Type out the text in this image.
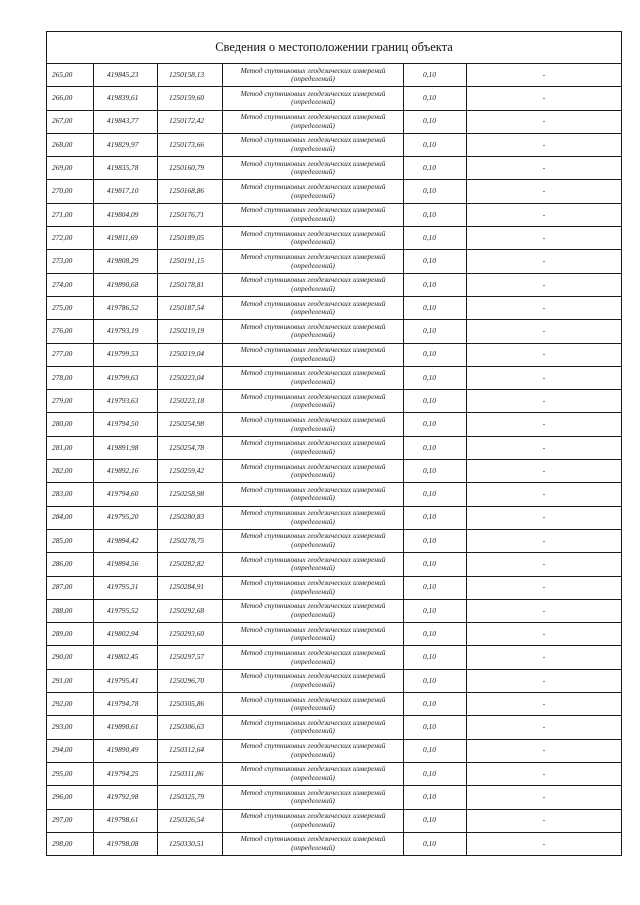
Сведения о местоположении границ объекта					
265,00	419845,23	1250158,13	Метод спутниковых геодезических измерений
(определений)	0,10	-
266,00	419839,61	1250159,60	Метод спутниковых геодезических измерений
(определений)	0,10	-
267,00	419843,77	1250172,42	Метод спутниковых геодезических измерений
(определений)	0,10	-
268,00	419829,97	1250173,66	Метод спутниковых геодезических измерений
(определений)	0,10	-
269,00	419835,78	1250160,79	Метод спутниковых геодезических измерений
(определений)	0,10	-
270,00	419817,10	1250168,86	Метод спутниковых геодезических измерений
(определений)	0,10	-
271,00	419804,09	1250176,71	Метод спутниковых геодезических измерений
(определений)	0,10	-
272,00	419811,69	1250189,05	Метод спутниковых геодезических измерений
(определений)	0,10	-
273,00	419808,29	1250191,15	Метод спутниковых геодезических измерений
(определений)	0,10	-
274,00	419890,68	1250178,81	Метод спутниковых геодезических измерений
(определений)	0,10	-
275,00	419786,52	1250187,54	Метод спутниковых геодезических измерений
(определений)	0,10	-
276,00	419793,19	1250219,19	Метод спутниковых геодезических измерений
(определений)	0,10	-
277,00	419799,53	1250219,04	Метод спутниковых геодезических измерений
(определений)	0,10	-
278,00	419799,63	1250223,04	Метод спутниковых геодезических измерений
(определений)	0,10	-
279,00	419793,63	1250223,18	Метод спутниковых геодезических измерений
(определений)	0,10	-
280,00	419794,50	1250254,98	Метод спутниковых геодезических измерений
(определений)	0,10	-
281,00	419891,98	1250254,78	Метод спутниковых геодезических измерений
(определений)	0,10	-
282,00	419892,16	1250259,42	Метод спутниковых геодезических измерений
(определений)	0,10	-
283,00	419794,60	1250258,98	Метод спутниковых геодезических измерений
(определений)	0,10	-
284,00	419795,20	1250280,83	Метод спутниковых геодезических измерений
(определений)	0,10	-
285,00	419894,42	1250278,75	Метод спутниковых геодезических измерений
(определений)	0,10	-
286,00	419894,56	1250282,82	Метод спутниковых геодезических измерений
(определений)	0,10	-
287,00	419795,31	1250284,91	Метод спутниковых геодезических измерений
(определений)	0,10	-
288,00	419795,52	1250292,68	Метод спутниковых геодезических измерений
(определений)	0,10	-
289,00	419802,94	1250293,60	Метод спутниковых геодезических измерений
(определений)	0,10	-
290,00	419802,45	1250297,57	Метод спутниковых геодезических измерений
(определений)	0,10	-
291,00	419795,41	1250296,70	Метод спутниковых геодезических измерений
(определений)	0,10	-
292,00	419794,78	1250305,86	Метод спутниковых геодезических измерений
(определений)	0,10	-
293,00	419890,61	1250306,63	Метод спутниковых геодезических измерений
(определений)	0,10	-
294,00	419890,49	1250312,64	Метод спутниковых геодезических измерений
(определений)	0,10	-
295,00	419794,25	1250311,86	Метод спутниковых геодезических измерений
(определений)	0,10	-
296,00	419792,98	1250325,79	Метод спутниковых геодезических измерений
(определений)	0,10	-
297,00	419798,61	1250326,54	Метод спутниковых геодезических измерений
(определений)	0,10	-
298,00	419798,08	1250330,51	Метод спутниковых геодезических измерений
(определений)	0,10	-
